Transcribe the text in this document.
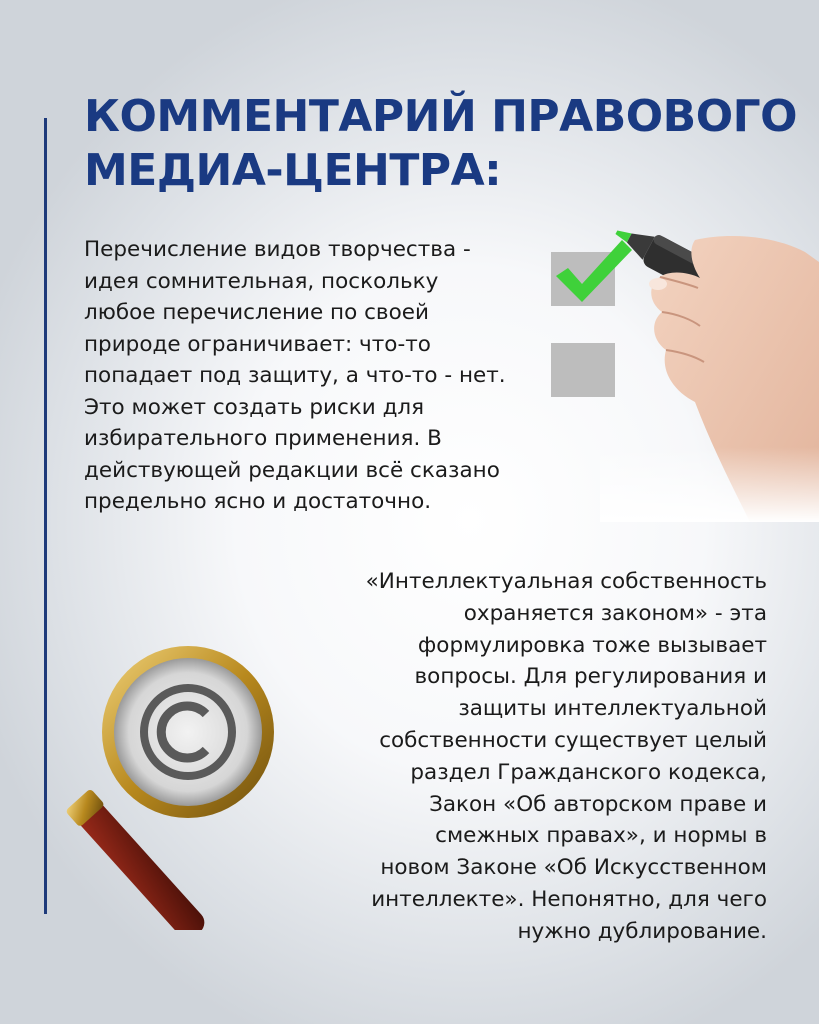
КОММЕНТАРИЙ ПРАВОВОГО
МЕДИА-ЦЕНТРА:

Перечисление видов творчества -
идея сомнительная, поскольку
любое перечисление по своей
природе ограничивает: что-то
попадает под защиту, а что-то - нет.
Это может создать риски для
избирательного применения. В
действующей редакции всё сказано
предельно ясно и достаточно.

«Интеллектуальная собственность
охраняется законом» - эта
формулировка тоже вызывает
вопросы. Для регулирования и
защиты интеллектуальной
собственности существует целый
раздел Гражданского кодекса,
Закон «Об авторском праве и
смежных правах», и нормы в
новом Законе «Об Искусственном
интеллекте». Непонятно, для чего
нужно дублирование.
